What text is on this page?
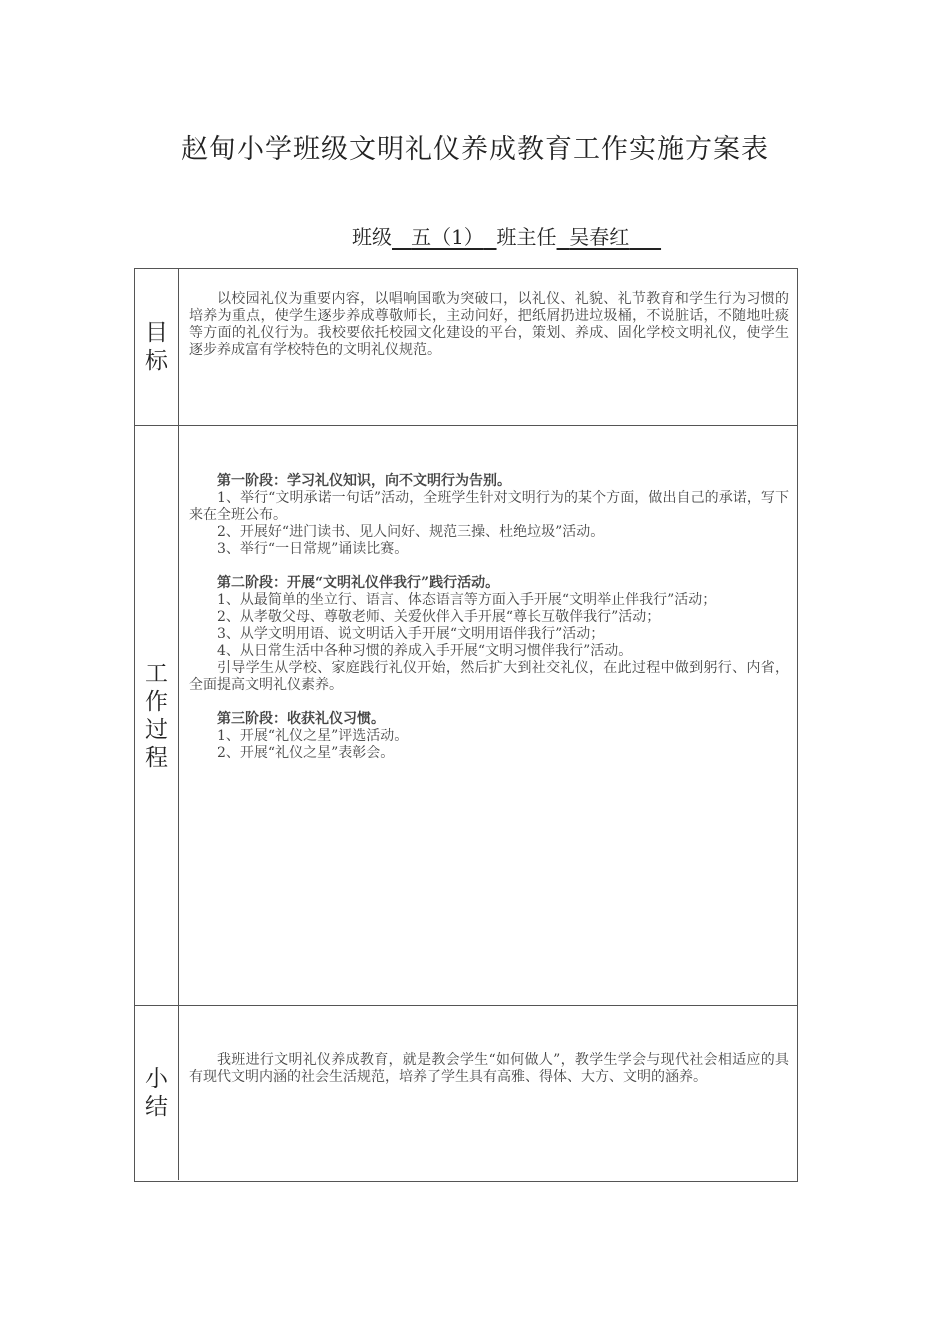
赵甸小学班级文明礼仪养成教育工作实施方案表
班级 五（1） 班主任 吴春红
目标

以校园礼仪为重要内容，以唱响国歌为突破口，以礼仪、礼貌、礼节教育和学生行为习惯的培养为重点，使学生逐步养成尊敬师长，主动问好，把纸屑扔进垃圾桶，不说脏话，不随地吐痰等方面的礼仪行为。我校要依托校园文化建设的平台，策划、养成、固化学校文明礼仪，使学生逐步养成富有学校特色的文明礼仪规范。

工作过程

第一阶段：学习礼仪知识，向不文明行为告别。

1、举行“文明承诺一句话”活动，全班学生针对文明行为的某个方面，做出自己的承诺，写下来在全班公布。

2、开展好“进门读书、见人问好、规范三操、杜绝垃圾”活动。

3、举行“一日常规”诵读比赛。

第二阶段：开展“文明礼仪伴我行”践行活动。

1、从最简单的坐立行、语言、体态语言等方面入手开展“文明举止伴我行”活动；

2、从孝敬父母、尊敬老师、关爱伙伴入手开展“尊长互敬伴我行”活动；

3、从学文明用语、说文明话入手开展“文明用语伴我行”活动；

4、从日常生活中各种习惯的养成入手开展“文明习惯伴我行”活动。

引导学生从学校、家庭践行礼仪开始，然后扩大到社交礼仪，在此过程中做到躬行、内省，全面提高文明礼仪素养。

第三阶段：收获礼仪习惯。

1、开展“礼仪之星”评选活动。

2、开展“礼仪之星”表彰会。

小结

我班进行文明礼仪养成教育，就是教会学生“如何做人”，教学生学会与现代社会相适应的具有现代文明内涵的社会生活规范，培养了学生具有高雅、得体、大方、文明的涵养。
